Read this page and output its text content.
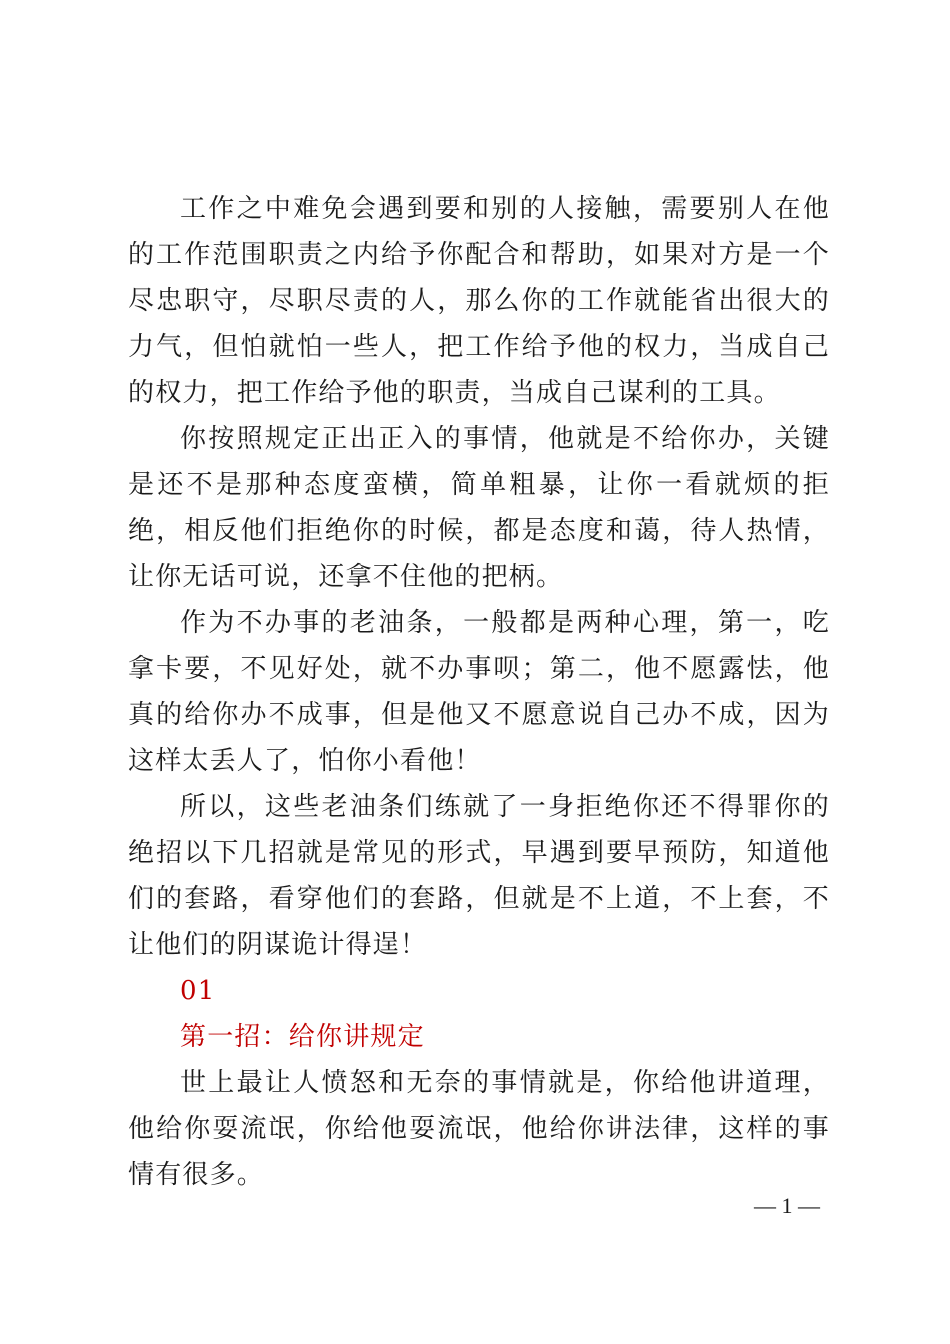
工作之中难免会遇到要和别的人接触，需要别人在他的工作范围职责之内给予你配合和帮助，如果对方是一个尽忠职守，尽职尽责的人，那么你的工作就能省出很大的力气，但怕就怕一些人，把工作给予他的权力，当成自己的权力，把工作给予他的职责，当成自己谋利的工具。

你按照规定正出正入的事情，他就是不给你办，关键是还不是那种态度蛮横，简单粗暴，让你一看就烦的拒绝，相反他们拒绝你的时候，都是态度和蔼，待人热情，让你无话可说，还拿不住他的把柄。

作为不办事的老油条，一般都是两种心理，第一，吃拿卡要，不见好处，就不办事呗；第二，他不愿露怯，他真的给你办不成事，但是他又不愿意说自己办不成，因为这样太丢人了，怕你小看他！

所以，这些老油条们练就了一身拒绝你还不得罪你的绝招以下几招就是常见的形式，早遇到要早预防，知道他们的套路，看穿他们的套路，但就是不上道，不上套，不让他们的阴谋诡计得逞！

01

第一招：给你讲规定

世上最让人愤怒和无奈的事情就是，你给他讲道理，他给你耍流氓，你给他耍流氓，他给你讲法律，这样的事情有很多。

— 1 —
